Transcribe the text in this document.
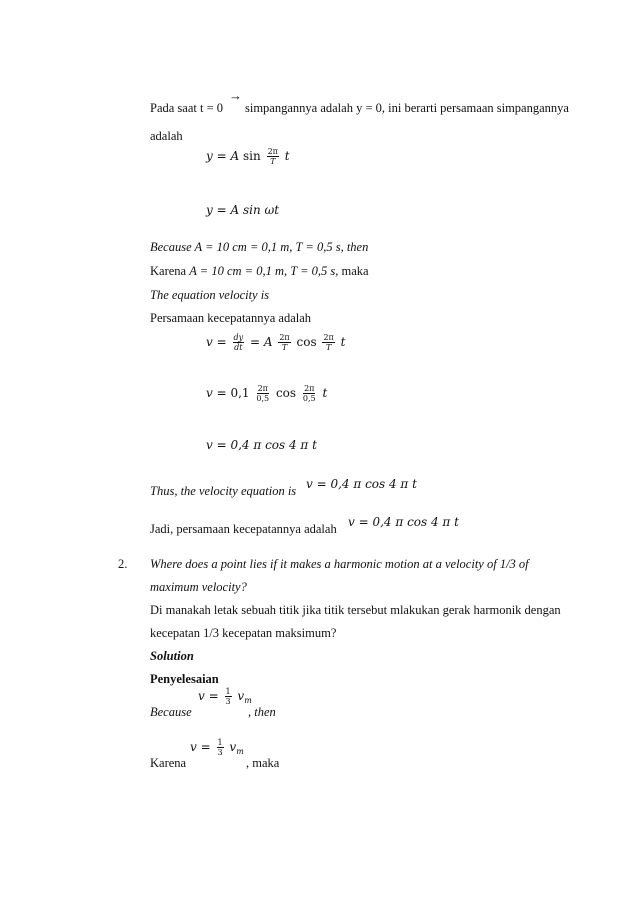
Pada saat t = 0
→
simpangannya adalah y = 0, ini berarti persamaan simpangannya
adalah
y = A $\sin \frac{2\pi}{T}$ t
y = A sin ωt
Because A = 10 cm = 0,1 m, T = 0,5 s, then
Karena A = 10 cm = 0,1 m, T = 0,5 s, maka
The equation velocity is
Persamaan kecepatannya adalah
$v = \frac{dy}{dt} = A \frac{2\pi}{T}$ $\cos \frac{2\pi}{T}$ t
$v = 0,1 \frac{2\pi}{0,5}$ $\cos \frac{2\pi}{0,5}$ t
v = 0,4 π cos 4 π t
Thus, the velocity equation is v = 0,4 π cos 4 π t
Jadi, persamaan kecepatannya adalah v = 0,4 π cos 4 π t
2. Where does a point lies if it makes a harmonic motion at a velocity of 1/3 of
maximum velocity?
Di manakah letak sebuah titik jika titik tersebut mlakukan gerak harmonik dengan
kecepatan 1/3 kecepatan maksimum?
Solution
Penyelesaian
Because
$v = \frac{1}{3} v_m$
, then
Karena
$v = \frac{1}{3} v_m$
, maka
